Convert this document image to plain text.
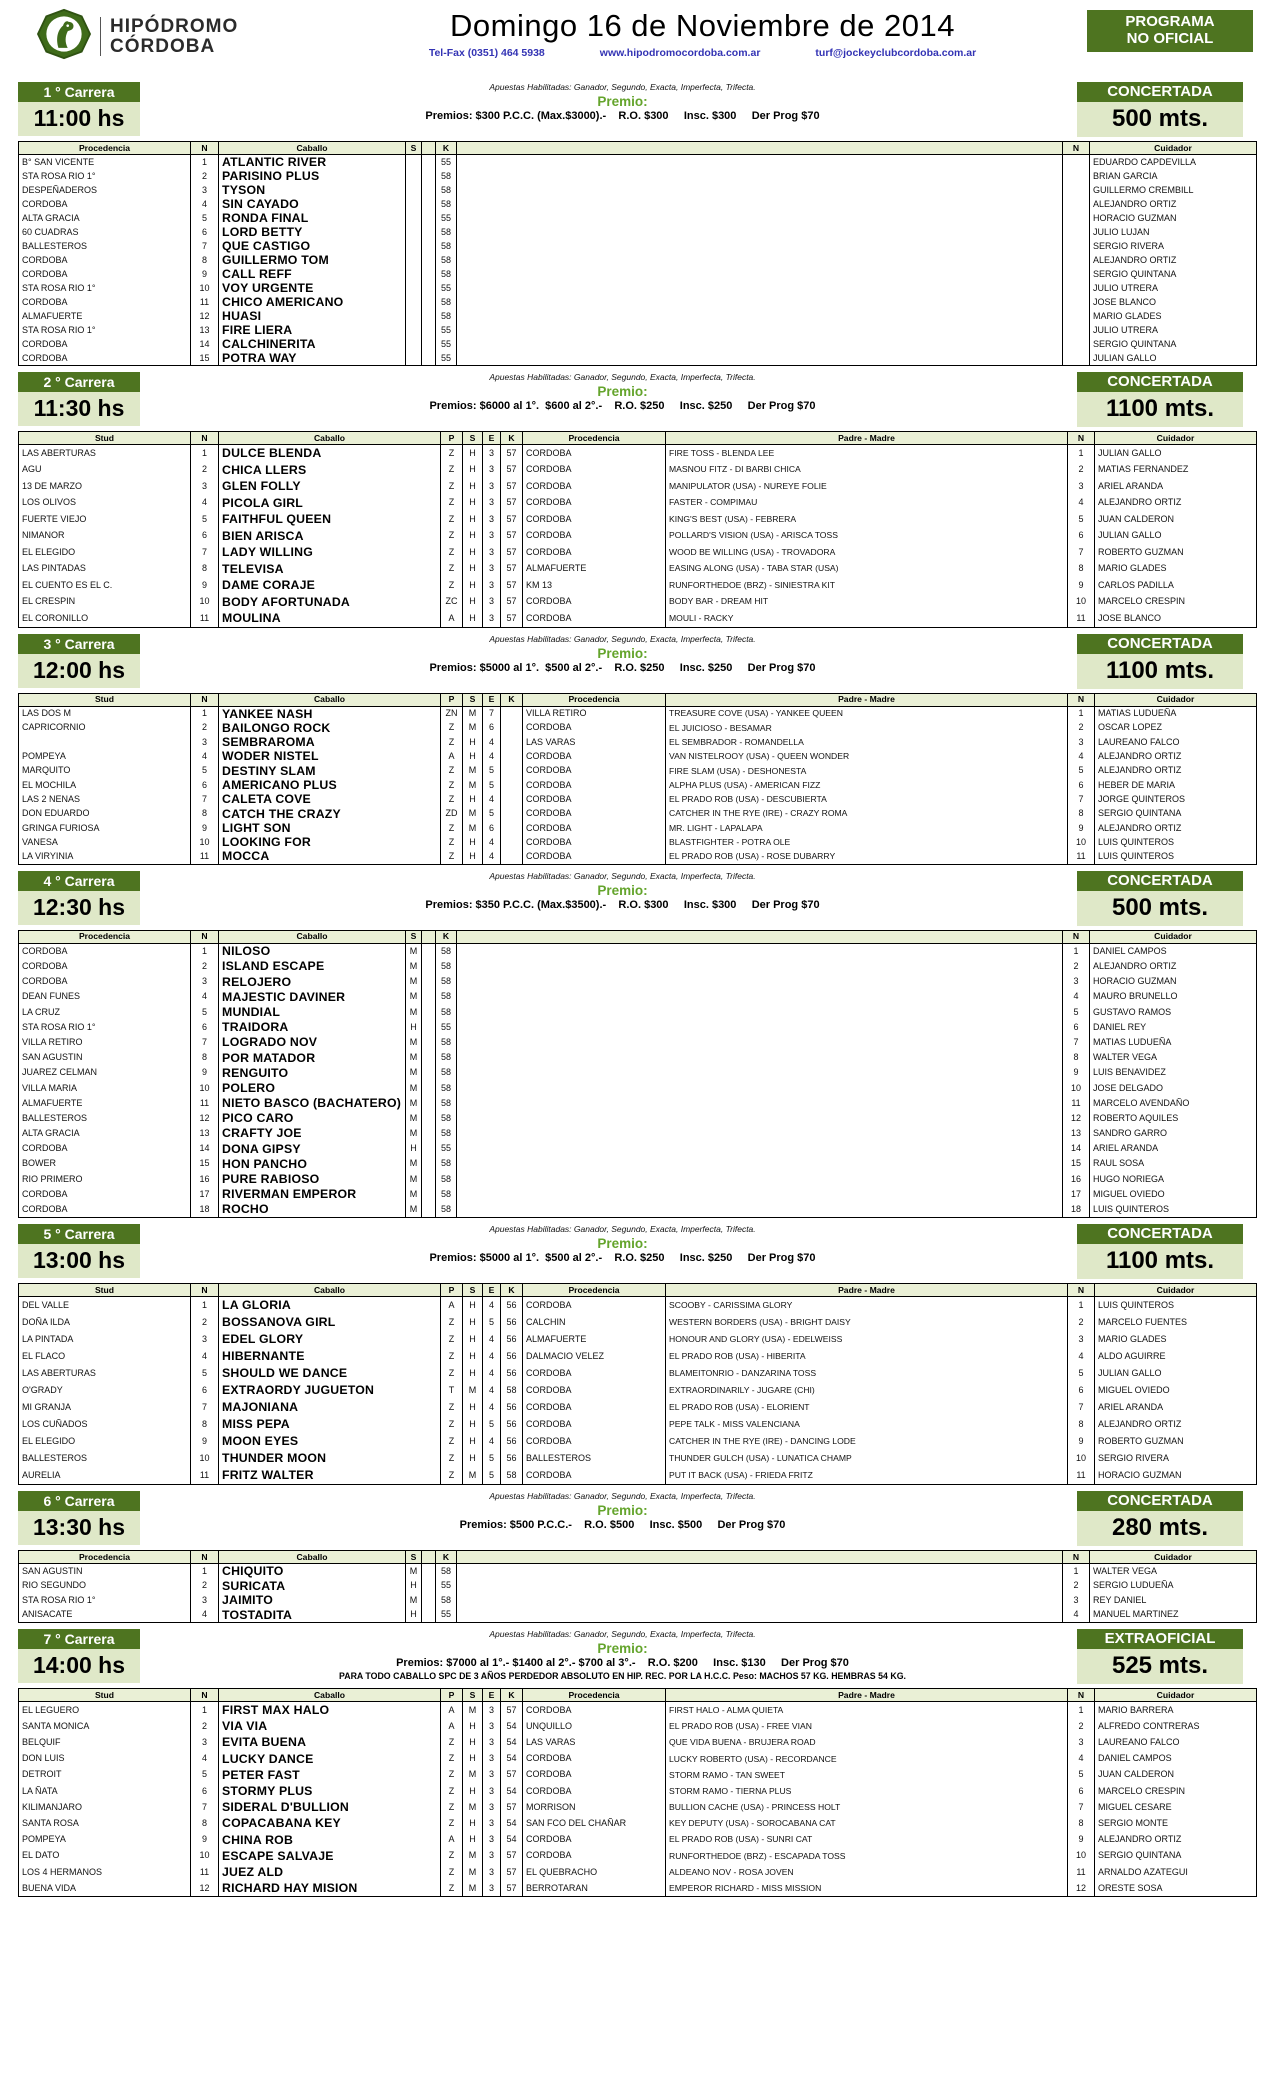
HIPÓDROMO
CÓRDOBA
Domingo 16 de Noviembre de 2014
Tel-Fax (0351) 464 5938	www.hipodromocordoba.com.ar	turf@jockeyclubcordoba.com.ar
PROGRAMA
NO OFICIAL
1 ° Carrera
11:00 hs
Apuestas Habilitadas: Ganador, Segundo, Exacta, Imperfecta, Trifecta.
Premio:
Premios: $300 P.C.C. (Max.$3000).-    R.O. $300     Insc. $300     Der Prog $70
CONCERTADA
500 mts.
Procedencia	N	Caballo	S		K		N	Cuidador
B° SAN VICENTE	1	ATLANTIC RIVER			55			EDUARDO CAPDEVILLA
STA ROSA RIO 1°	2	PARISINO PLUS			58			BRIAN GARCIA
DESPEÑADEROS	3	TYSON			58			GUILLERMO CREMBILL
CORDOBA	4	SIN CAYADO			58			ALEJANDRO ORTIZ
ALTA GRACIA	5	RONDA FINAL			55			HORACIO GUZMAN
60 CUADRAS	6	LORD BETTY			58			JULIO LUJAN
BALLESTEROS	7	QUE CASTIGO			58			SERGIO RIVERA
CORDOBA	8	GUILLERMO TOM			58			ALEJANDRO ORTIZ
CORDOBA	9	CALL REFF			58			SERGIO QUINTANA
STA ROSA RIO 1°	10	VOY URGENTE			55			JULIO UTRERA
CORDOBA	11	CHICO AMERICANO			58			JOSE BLANCO
ALMAFUERTE	12	HUASI			58			MARIO GLADES
STA ROSA RIO 1°	13	FIRE LIERA			55			JULIO UTRERA
CORDOBA	14	CALCHINERITA			55			SERGIO QUINTANA
CORDOBA	15	POTRA WAY			55			JULIAN GALLO
2 ° Carrera
11:30 hs
Apuestas Habilitadas: Ganador, Segundo, Exacta, Imperfecta, Trifecta.
Premio:
Premios: $6000 al 1°.  $600 al 2°.-    R.O. $250     Insc. $250     Der Prog $70
CONCERTADA
1100 mts.
Stud	N	Caballo	P	S	E	K	Procedencia	Padre - Madre	N	Cuidador
LAS ABERTURAS	1	DULCE BLENDA	Z	H	3	57	CORDOBA	FIRE TOSS - BLENDA LEE	1	JULIAN GALLO
AGU	2	CHICA LLERS	Z	H	3	57	CORDOBA	MASNOU FITZ - DI BARBI CHICA	2	MATIAS FERNANDEZ
13 DE MARZO	3	GLEN FOLLY	Z	H	3	57	CORDOBA	MANIPULATOR (USA) - NUREYE FOLIE	3	ARIEL ARANDA
LOS OLIVOS	4	PICOLA GIRL	Z	H	3	57	CORDOBA	FASTER - COMPIMAU	4	ALEJANDRO ORTIZ
FUERTE VIEJO	5	FAITHFUL QUEEN	Z	H	3	57	CORDOBA	KING'S BEST (USA) - FEBRERA	5	JUAN CALDERON
NIMANOR	6	BIEN ARISCA	Z	H	3	57	CORDOBA	POLLARD'S VISION (USA) - ARISCA TOSS	6	JULIAN GALLO
EL ELEGIDO	7	LADY WILLING	Z	H	3	57	CORDOBA	WOOD BE WILLING (USA) - TROVADORA	7	ROBERTO GUZMAN
LAS PINTADAS	8	TELEVISA	Z	H	3	57	ALMAFUERTE	EASING ALONG (USA) - TABA STAR (USA)	8	MARIO GLADES
EL CUENTO ES EL C.	9	DAME CORAJE	Z	H	3	57	KM 13	RUNFORTHEDOE (BRZ) - SINIESTRA KIT	9	CARLOS PADILLA
EL CRESPIN	10	BODY AFORTUNADA	ZC	H	3	57	CORDOBA	BODY BAR - DREAM HIT	10	MARCELO CRESPIN
EL CORONILLO	11	MOULINA	A	H	3	57	CORDOBA	MOULI - RACKY	11	JOSE BLANCO
3 ° Carrera
12:00 hs
Apuestas Habilitadas: Ganador, Segundo, Exacta, Imperfecta, Trifecta.
Premio:
Premios: $5000 al 1°.  $500 al 2°.-    R.O. $250     Insc. $250     Der Prog $70
CONCERTADA
1100 mts.
Stud	N	Caballo	P	S	E	K	Procedencia	Padre - Madre	N	Cuidador
LAS DOS M	1	YANKEE NASH	ZN	M	7		VILLA RETIRO	TREASURE COVE (USA) - YANKEE QUEEN	1	MATIAS LUDUEÑA
CAPRICORNIO	2	BAILONGO ROCK	Z	M	6		CORDOBA	EL JUICIOSO - BESAMAR	2	OSCAR LOPEZ
	3	SEMBRAROMA	Z	H	4		LAS VARAS	EL SEMBRADOR - ROMANDELLA	3	LAUREANO FALCO
POMPEYA	4	WODER NISTEL	A	H	4		CORDOBA	VAN NISTELROOY (USA) - QUEEN WONDER	4	ALEJANDRO ORTIZ
MARQUITO	5	DESTINY SLAM	Z	M	5		CORDOBA	FIRE SLAM (USA) - DESHONESTA	5	ALEJANDRO ORTIZ
EL MOCHILA	6	AMERICANO PLUS	Z	M	5		CORDOBA	ALPHA PLUS (USA) - AMERICAN FIZZ	6	HEBER DE MARIA
LAS 2 NENAS	7	CALETA COVE	Z	H	4		CORDOBA	EL PRADO ROB (USA) - DESCUBIERTA	7	JORGE QUINTEROS
DON EDUARDO	8	CATCH THE CRAZY	ZD	M	5		CORDOBA	CATCHER IN THE RYE (IRE) - CRAZY ROMA	8	SERGIO QUINTANA
GRINGA FURIOSA	9	LIGHT SON	Z	M	6		CORDOBA	MR. LIGHT - LAPALAPA	9	ALEJANDRO ORTIZ
VANESA	10	LOOKING FOR	Z	H	4		CORDOBA	BLASTFIGHTER - POTRA OLE	10	LUIS QUINTEROS
LA VIRYINIA	11	MOCCA	Z	H	4		CORDOBA	EL PRADO ROB (USA) - ROSE DUBARRY	11	LUIS QUINTEROS
4 ° Carrera
12:30 hs
Apuestas Habilitadas: Ganador, Segundo, Exacta, Imperfecta, Trifecta.
Premio:
Premios: $350 P.C.C. (Max.$3500).-    R.O. $300     Insc. $300     Der Prog $70
CONCERTADA
500 mts.
Procedencia	N	Caballo	S		K		N	Cuidador
CORDOBA	1	NILOSO	M		58		1	DANIEL CAMPOS
CORDOBA	2	ISLAND ESCAPE	M		58		2	ALEJANDRO ORTIZ
CORDOBA	3	RELOJERO	M		58		3	HORACIO GUZMAN
DEAN FUNES	4	MAJESTIC DAVINER	M		58		4	MAURO BRUNELLO
LA CRUZ	5	MUNDIAL	M		58		5	GUSTAVO RAMOS
STA ROSA RIO 1°	6	TRAIDORA	H		55		6	DANIEL REY
VILLA RETIRO	7	LOGRADO NOV	M		58		7	MATIAS LUDUEÑA
SAN AGUSTIN	8	POR MATADOR	M		58		8	WALTER VEGA
JUAREZ CELMAN	9	RENGUITO	M		58		9	LUIS BENAVIDEZ
VILLA MARIA	10	POLERO	M		58		10	JOSE DELGADO
ALMAFUERTE	11	NIETO BASCO (BACHATERO)	M		58		11	MARCELO AVENDAÑO
BALLESTEROS	12	PICO CARO	M		58		12	ROBERTO AQUILES
ALTA GRACIA	13	CRAFTY JOE	M		58		13	SANDRO GARRO
CORDOBA	14	DONA GIPSY	H		55		14	ARIEL ARANDA
BOWER	15	HON PANCHO	M		58		15	RAUL SOSA
RIO PRIMERO	16	PURE RABIOSO	M		58		16	HUGO NORIEGA
CORDOBA	17	RIVERMAN EMPEROR	M		58		17	MIGUEL OVIEDO
CORDOBA	18	ROCHO	M		58		18	LUIS QUINTEROS
5 ° Carrera
13:00 hs
Apuestas Habilitadas: Ganador, Segundo, Exacta, Imperfecta, Trifecta.
Premio:
Premios: $5000 al 1°.  $500 al 2°.-    R.O. $250     Insc. $250     Der Prog $70
CONCERTADA
1100 mts.
Stud	N	Caballo	P	S	E	K	Procedencia	Padre - Madre	N	Cuidador
DEL VALLE	1	LA GLORIA	A	H	4	56	CORDOBA	SCOOBY - CARISSIMA GLORY	1	LUIS QUINTEROS
DOÑA ILDA	2	BOSSANOVA GIRL	Z	H	5	56	CALCHIN	WESTERN BORDERS (USA) - BRIGHT DAISY	2	MARCELO FUENTES
LA PINTADA	3	EDEL GLORY	Z	H	4	56	ALMAFUERTE	HONOUR AND GLORY (USA) - EDELWEISS	3	MARIO GLADES
EL FLACO	4	HIBERNANTE	Z	H	4	56	DALMACIO VELEZ	EL PRADO ROB (USA) - HIBERITA	4	ALDO AGUIRRE
LAS ABERTURAS	5	SHOULD WE DANCE	Z	H	4	56	CORDOBA	BLAMEITONRIO - DANZARINA TOSS	5	JULIAN GALLO
O'GRADY	6	EXTRAORDY JUGUETON	T	M	4	58	CORDOBA	EXTRAORDINARILY - JUGARE (CHI)	6	MIGUEL OVIEDO
MI GRANJA	7	MAJONIANA	Z	H	4	56	CORDOBA	EL PRADO ROB (USA) - ELORIENT	7	ARIEL ARANDA
LOS CUÑADOS	8	MISS PEPA	Z	H	5	56	CORDOBA	PEPE TALK - MISS VALENCIANA	8	ALEJANDRO ORTIZ
EL ELEGIDO	9	MOON EYES	Z	H	4	56	CORDOBA	CATCHER IN THE RYE (IRE) - DANCING LODE	9	ROBERTO GUZMAN
BALLESTEROS	10	THUNDER MOON	Z	H	5	56	BALLESTEROS	THUNDER GULCH (USA) - LUNATICA CHAMP	10	SERGIO RIVERA
AURELIA	11	FRITZ WALTER	Z	M	5	58	CORDOBA	PUT IT BACK (USA) - FRIEDA FRITZ	11	HORACIO GUZMAN
6 ° Carrera
13:30 hs
Apuestas Habilitadas: Ganador, Segundo, Exacta, Imperfecta, Trifecta.
Premio:
Premios: $500 P.C.C.-    R.O. $500     Insc. $500     Der Prog $70
CONCERTADA
280 mts.
Procedencia	N	Caballo	S		K		N	Cuidador
SAN AGUSTIN	1	CHIQUITO	M		58		1	WALTER VEGA
RIO SEGUNDO	2	SURICATA	H		55		2	SERGIO LUDUEÑA
STA ROSA RIO 1°	3	JAIMITO	M		58		3	REY DANIEL
ANISACATE	4	TOSTADITA	H		55		4	MANUEL MARTINEZ
7 ° Carrera
14:00 hs
Apuestas Habilitadas: Ganador, Segundo, Exacta, Imperfecta, Trifecta.
Premio:
Premios: $7000 al 1°.- $1400 al 2°.- $700 al 3°.-    R.O. $200     Insc. $130     Der Prog $70
PARA TODO CABALLO SPC DE 3 AÑOS PERDEDOR ABSOLUTO EN HIP. REC. POR LA H.C.C. Peso: MACHOS 57 KG. HEMBRAS 54 KG.
EXTRAOFICIAL
525 mts.
Stud	N	Caballo	P	S	E	K	Procedencia	Padre - Madre	N	Cuidador
EL LEGUERO	1	FIRST MAX HALO	A	M	3	57	CORDOBA	FIRST HALO - ALMA QUIETA	1	MARIO BARRERA
SANTA MONICA	2	VIA VIA	A	H	3	54	UNQUILLO	EL PRADO ROB (USA) - FREE VIAN	2	ALFREDO CONTRERAS
BELQUIF	3	EVITA BUENA	Z	H	3	54	LAS VARAS	QUE VIDA BUENA - BRUJERA ROAD	3	LAUREANO FALCO
DON LUIS	4	LUCKY DANCE	Z	H	3	54	CORDOBA	LUCKY ROBERTO (USA) - RECORDANCE	4	DANIEL CAMPOS
DETROIT	5	PETER FAST	Z	M	3	57	CORDOBA	STORM RAMO - TAN SWEET	5	JUAN CALDERON
LA ÑATA	6	STORMY PLUS	Z	H	3	54	CORDOBA	STORM RAMO - TIERNA PLUS	6	MARCELO CRESPIN
KILIMANJARO	7	SIDERAL D'BULLION	Z	M	3	57	MORRISON	BULLION CACHE (USA) - PRINCESS HOLT	7	MIGUEL CESARE
SANTA ROSA	8	COPACABANA KEY	Z	H	3	54	SAN FCO DEL CHAÑAR	KEY DEPUTY (USA) - SOROCABANA CAT	8	SERGIO MONTE
POMPEYA	9	CHINA ROB	A	H	3	54	CORDOBA	EL PRADO ROB (USA) - SUNRI CAT	9	ALEJANDRO ORTIZ
EL DATO	10	ESCAPE SALVAJE	Z	M	3	57	CORDOBA	RUNFORTHEDOE (BRZ) - ESCAPADA TOSS	10	SERGIO QUINTANA
LOS 4 HERMANOS	11	JUEZ ALD	Z	M	3	57	EL QUEBRACHO	ALDEANO NOV - ROSA JOVEN	11	ARNALDO AZATEGUI
BUENA VIDA	12	RICHARD HAY MISION	Z	M	3	57	BERROTARAN	EMPEROR RICHARD - MISS MISSION	12	ORESTE SOSA
